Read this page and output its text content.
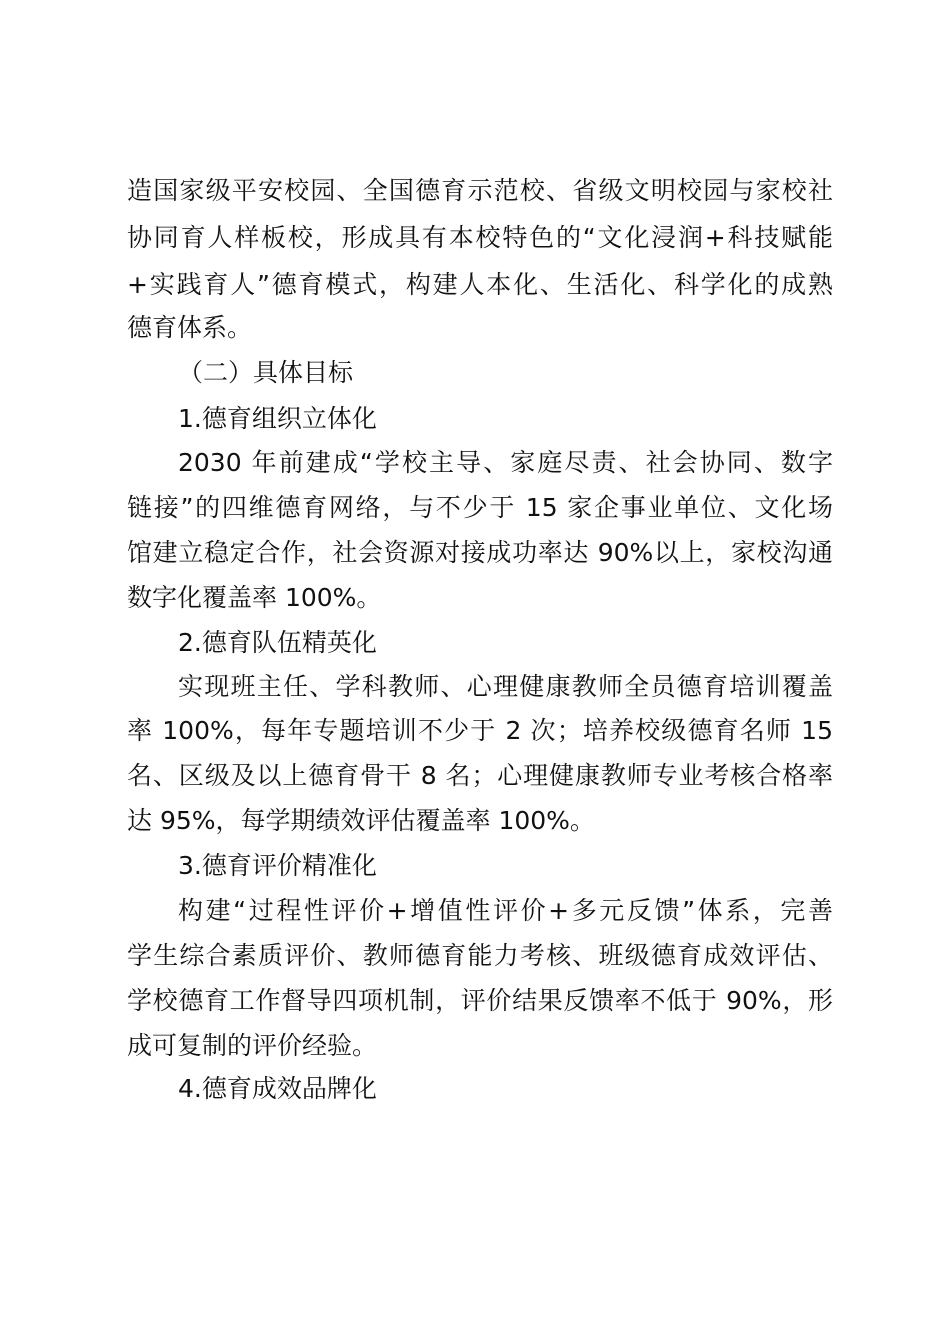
造国家级平安校园、全国德育示范校、省级文明校园与家校社
协同育人样板校，形成具有本校特色的“文化浸润+科技赋能
+实践育人”德育模式，构建人本化、生活化、科学化的成熟
德育体系。
（二）具体目标
1.德育组织立体化
2030 年前建成“学校主导、家庭尽责、社会协同、数字
链接”的四维德育网络，与不少于 15 家企事业单位、文化场
馆建立稳定合作，社会资源对接成功率达 90%以上，家校沟通
数字化覆盖率 100%。
2.德育队伍精英化
实现班主任、学科教师、心理健康教师全员德育培训覆盖
率 100%，每年专题培训不少于 2 次；培养校级德育名师 15
名、区级及以上德育骨干 8 名；心理健康教师专业考核合格率
达 95%，每学期绩效评估覆盖率 100%。
3.德育评价精准化
构建“过程性评价+增值性评价+多元反馈”体系，完善
学生综合素质评价、教师德育能力考核、班级德育成效评估、
学校德育工作督导四项机制，评价结果反馈率不低于 90%，形
成可复制的评价经验。
4.德育成效品牌化
